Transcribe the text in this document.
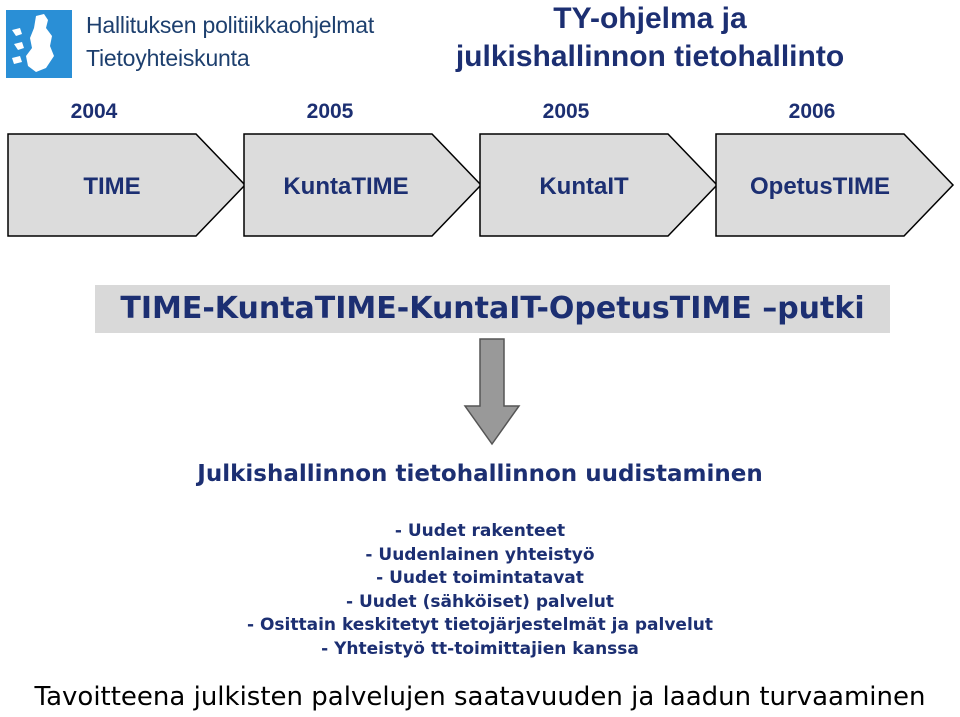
Hallituksen politiikkaohjelmat
Tietoyhteiskunta
TY-ohjelma ja
julkishallinnon tietohallinto
2004	2005	2005	2006
TIME	KuntaTIME	KuntaIT	OpetusTIME
TIME-KuntaTIME-KuntaIT-OpetusTIME –putki
Julkishallinnon tietohallinnon uudistaminen
- Uudet rakenteet
- Uudenlainen yhteistyö
- Uudet toimintatavat
- Uudet (sähköiset) palvelut
- Osittain keskitetyt tietojärjestelmät ja palvelut
- Yhteistyö tt-toimittajien kanssa
Tavoitteena julkisten palvelujen saatavuuden ja laadun turvaaminen
